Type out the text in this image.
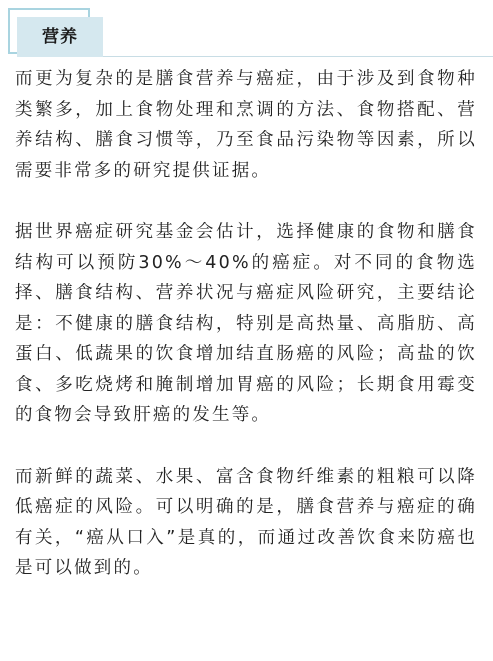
营养

而更为复杂的是膳食营养与癌症，由于涉及到食物种类繁多，加上食物处理和烹调的方法、食物搭配、营养结构、膳食习惯等，乃至食品污染物等因素，所以需要非常多的研究提供证据。

据世界癌症研究基金会估计，选择健康的食物和膳食结构可以预防30%～40%的癌症。对不同的食物选择、膳食结构、营养状况与癌症风险研究，主要结论是：不健康的膳食结构，特别是高热量、高脂肪、高蛋白、低蔬果的饮食增加结直肠癌的风险；高盐的饮食、多吃烧烤和腌制增加胃癌的风险；长期食用霉变的食物会导致肝癌的发生等。

而新鲜的蔬菜、水果、富含食物纤维素的粗粮可以降低癌症的风险。可以明确的是，膳食营养与癌症的确有关，“癌从口入”是真的，而通过改善饮食来防癌也是可以做到的。
